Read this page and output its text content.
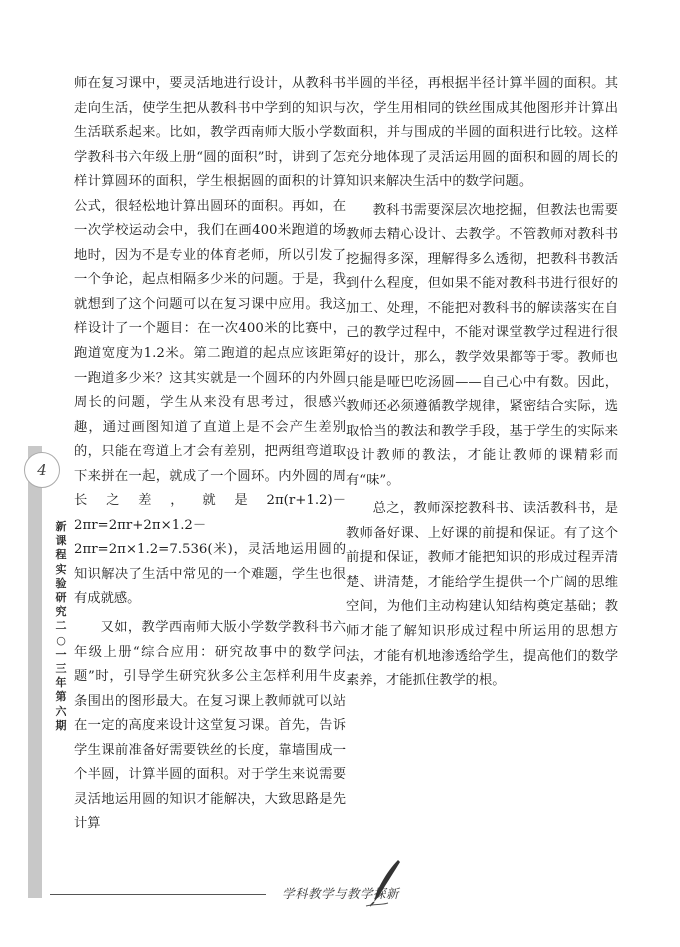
4
新课程实验研究
二○一三年 第六期

师在复习课中，要灵活地进行设计，从教科书走向生活，使学生把从教科书中学到的知识与生活联系起来。比如，教学西南师大版小学数学教科书六年级上册“圆的面积”时，讲到了怎样计算圆环的面积，学生根据圆的面积的计算公式，很轻松地计算出圆环的面积。再如，在一次学校运动会中，我们在画400米跑道的场地时，因为不是专业的体育老师，所以引发了一个争论，起点相隔多少米的问题。于是，我就想到了这个问题可以在复习课中应用。我这样设计了一个题目：在一次400米的比赛中，跑道宽度为1.2米。第二跑道的起点应该距第一跑道多少米？这其实就是一个圆环的内外圆周长的问题，学生从来没有思考过，很感兴趣，通过画图知道了直道上是不会产生差别的，只能在弯道上才会有差别，把两组弯道取下来拼在一起，就成了一个圆环。内外圆的周长之差，就是2π(r+1.2)－2πr=2πr+2π×1.2－2πr=2π×1.2=7.536(米)，灵活地运用圆的知识解决了生活中常见的一个难题，学生也很有成就感。

又如，教学西南师大版小学数学教科书六年级上册“综合应用：研究故事中的数学问题”时，引导学生研究狄多公主怎样利用牛皮条围出的图形最大。在复习课上教师就可以站在一定的高度来设计这堂复习课。首先，告诉学生课前准备好需要铁丝的长度，靠墙围成一个半圆，计算半圆的面积。对于学生来说需要灵活地运用圆的知识才能解决，大致思路是先计算

半圆的半径，再根据半径计算半圆的面积。其次，学生用相同的铁丝围成其他图形并计算出面积，并与围成的半圆的面积进行比较。这样充分地体现了灵活运用圆的面积和圆的周长的知识来解决生活中的数学问题。

教科书需要深层次地挖掘，但教法也需要教师去精心设计、去教学。不管教师对教科书挖掘得多深，理解得多么透彻，把教科书教活到什么程度，但如果不能对教科书进行很好的加工、处理，不能把对教科书的解读落实在自己的教学过程中，不能对课堂教学过程进行很好的设计，那么，教学效果都等于零。教师也只能是哑巴吃汤圆——自己心中有数。因此，教师还必须遵循教学规律，紧密结合实际，选取恰当的教法和教学手段，基于学生的实际来设计教师的教法，才能让教师的课精彩而有“味”。

总之，教师深挖教科书、读活教科书，是教师备好课、上好课的前提和保证。有了这个前提和保证，教师才能把知识的形成过程弄清楚、讲清楚，才能给学生提供一个广阔的思维空间，为他们主动构建认知结构奠定基础；教师才能了解知识形成过程中所运用的思想方法，才能有机地渗透给学生，提高他们的数学素养，才能抓住教学的根。

学科教学与教学探新
